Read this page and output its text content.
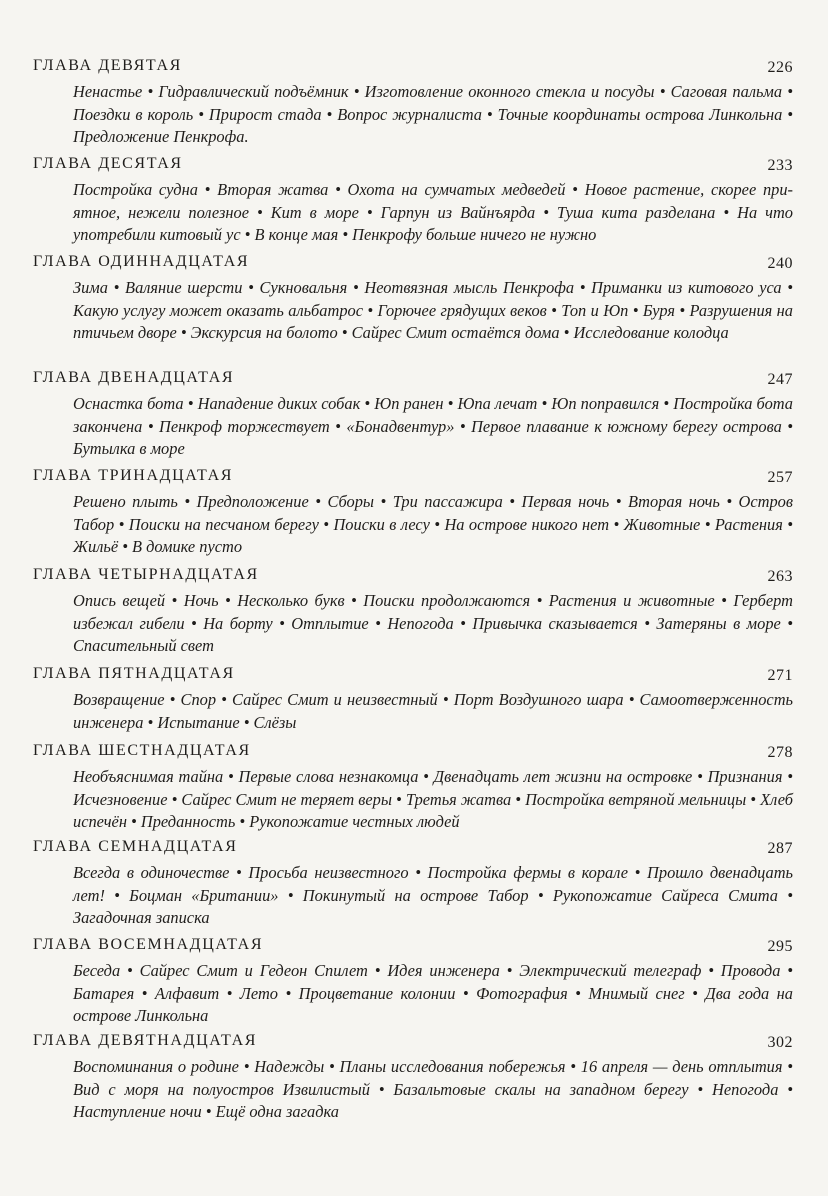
ГЛАВА ДЕВЯТАЯ	226

Ненастье • Гидравлический подъёмник • Изготовление оконного стекла и посуды • Саговая пальма • Поездки в король • Прирост стада • Вопрос журналиста • Точные координаты острова Линкольна • Предложение Пенкрофа.

ГЛАВА ДЕСЯТАЯ	233

Постройка судна • Вторая жатва • Охота на сумчатых медведей • Новое растение, скорее приятное, нежели полезное • Кит в море • Гарпун из Вайнъярда • Туша кита разделана • На что употребили китовый ус • В конце мая • Пенкрофу больше ничего не нужно

ГЛАВА ОДИННАДЦАТАЯ	240

Зима • Валяние шерсти • Сукновальня • Неотвязная мысль Пенкрофа • Приманки из китового уса • Какую услугу может оказать альбатрос • Горючее грядущих веков • Топ и Юп • Буря • Разрушения на птичьем дворе • Экскурсия на болото • Сайрес Смит остаётся дома • Исследование колодца

ГЛАВА ДВЕНАДЦАТАЯ	247

Оснастка бота • Нападение диких собак • Юп ранен • Юпа лечат • Юп поправился • Постройка бота закончена • Пенкроф торжествует • «Бонадвентур» • Первое плавание к южному берегу острова • Бутылка в море

ГЛАВА ТРИНАДЦАТАЯ	257

Решено плыть • Предположение • Сборы • Три пассажира • Первая ночь • Вторая ночь • Остров Табор • Поиски на песчаном берегу • Поиски в лесу • На острове никого нет • Животные • Растения • Жильё • В домике пусто

ГЛАВА ЧЕТЫРНАДЦАТАЯ	263

Опись вещей • Ночь • Несколько букв • Поиски продолжаются • Растения и животные • Герберт избежал гибели • На борту • Отплытие • Непогода • Привычка сказывается • Затеряны в море • Спасительный свет

ГЛАВА ПЯТНАДЦАТАЯ	271

Возвращение • Спор • Сайрес Смит и неизвестный • Порт Воздушного шара • Самоотверженность инженера • Испытание • Слёзы

ГЛАВА ШЕСТНАДЦАТАЯ	278

Необъяснимая тайна • Первые слова незнакомца • Двенадцать лет жизни на островке • Признания • Исчезновение • Сайрес Смит не теряет веры • Третья жатва • Постройка ветряной мельницы • Хлеб испечён • Преданность • Рукопожатие честных людей

ГЛАВА СЕМНАДЦАТАЯ	287

Всегда в одиночестве • Просьба неизвестного • Постройка фермы в корале • Прошло двенадцать лет! • Боцман «Британии» • Покинутый на острове Табор • Рукопожатие Сайреса Смита • Загадочная записка

ГЛАВА ВОСЕМНАДЦАТАЯ	295

Беседа • Сайрес Смит и Гедеон Спилет • Идея инженера • Электрический телеграф • Провода • Батарея • Алфавит • Лето • Процветание колонии • Фотография • Мнимый снег • Два года на острове Линкольна

ГЛАВА ДЕВЯТНАДЦАТАЯ	302

Воспоминания о родине • Надежды • Планы исследования побережья • 16 апреля — день отплытия • Вид с моря на полуостров Извилистый • Базальтовые скалы на западном берегу • Непогода • Наступление ночи • Ещё одна загадка
